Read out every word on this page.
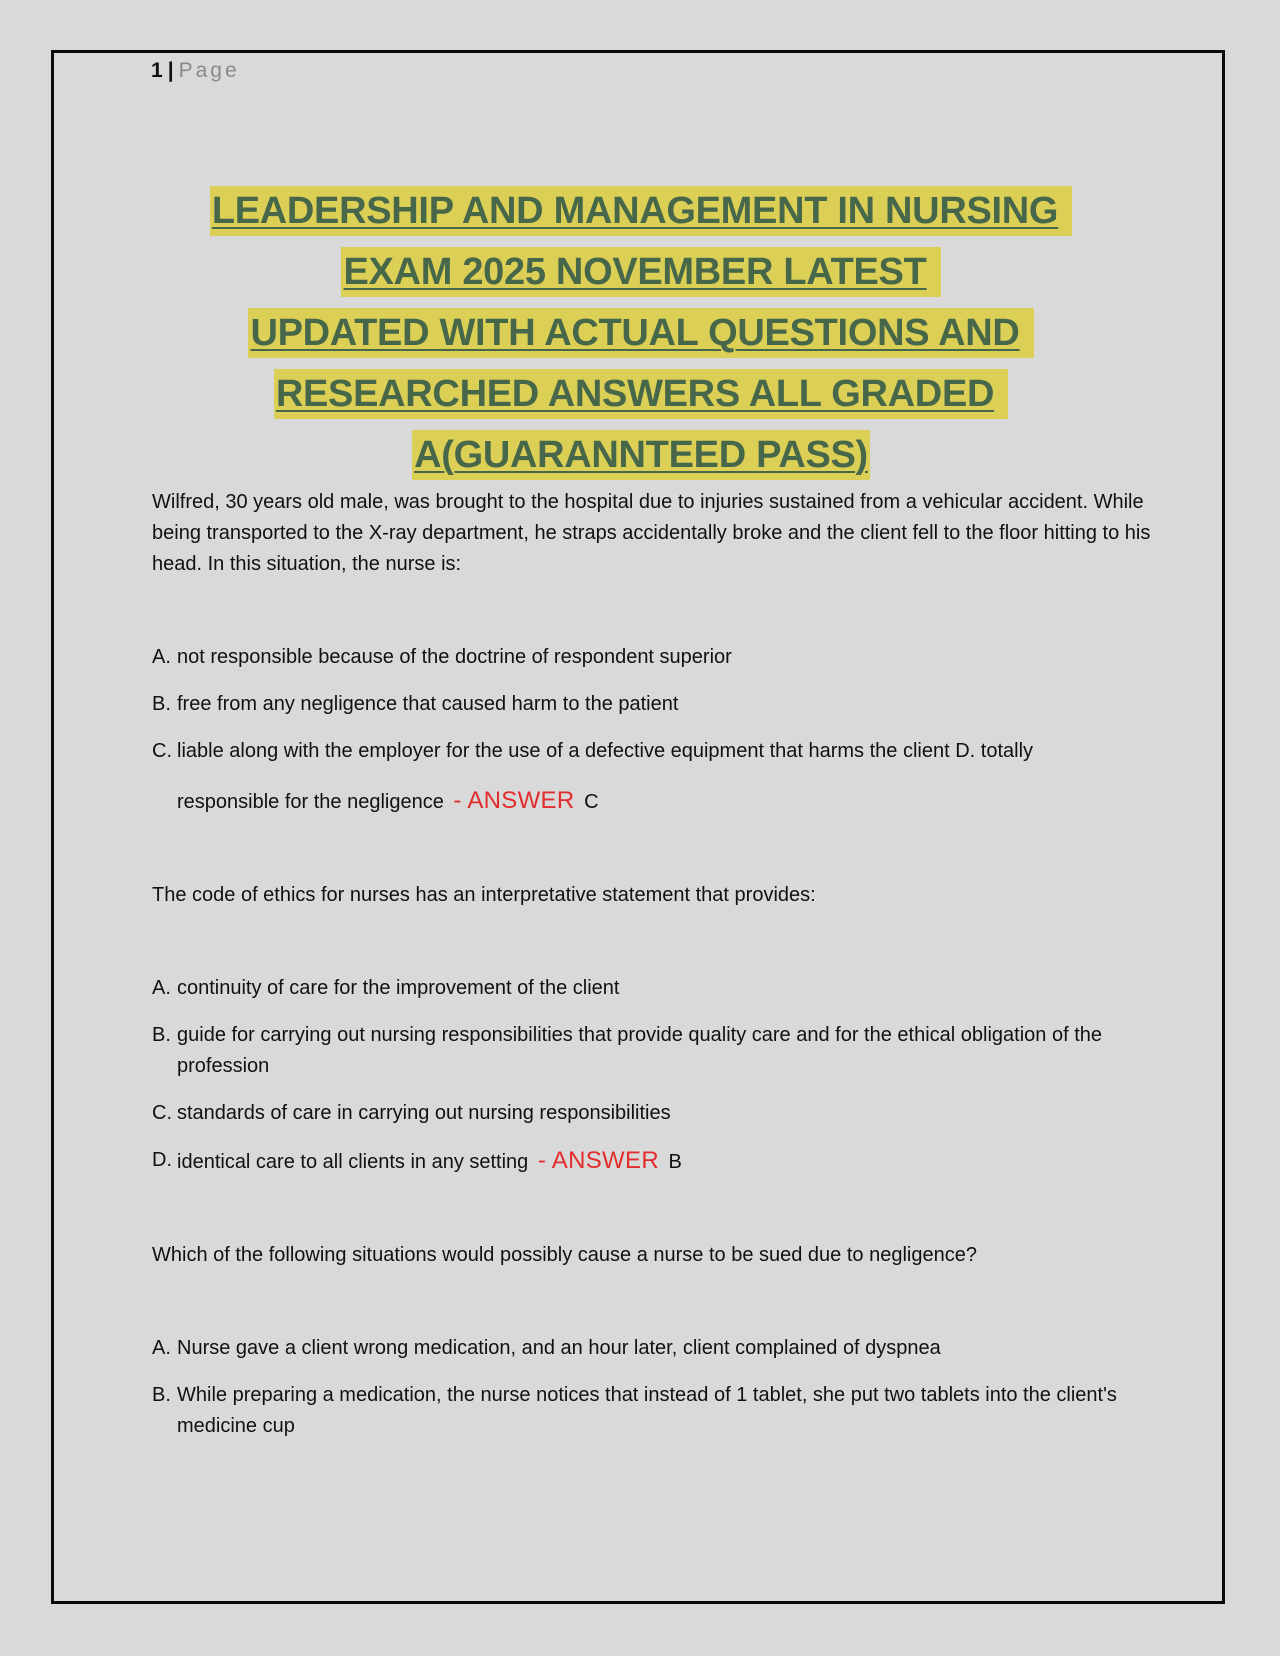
1 | Page
LEADERSHIP AND MANAGEMENT IN NURSING
EXAM 2025 NOVEMBER LATEST
UPDATED WITH ACTUAL QUESTIONS AND
RESEARCHED ANSWERS ALL GRADED
A(GUARANNTEED PASS)

Wilfred, 30 years old male, was brought to the hospital due to injuries sustained from a vehicular accident. While being transported to the X-ray department, he straps accidentally broke and the client fell to the floor hitting to his head. In this situation, the nurse is:

A. not responsible because of the doctrine of respondent superior
B. free from any negligence that caused harm to the patient
C. liable along with the employer for the use of a defective equipment that harms the client D. totally
responsible for the negligence - ANSWER C

The code of ethics for nurses has an interpretative statement that provides:

A. continuity of care for the improvement of the client
B. guide for carrying out nursing responsibilities that provide quality care and for the ethical obligation of the profession
C. standards of care in carrying out nursing responsibilities
D. identical care to all clients in any setting - ANSWER B

Which of the following situations would possibly cause a nurse to be sued due to negligence?

A. Nurse gave a client wrong medication, and an hour later, client complained of dyspnea
B. While preparing a medication, the nurse notices that instead of 1 tablet, she put two tablets into the client's medicine cup
